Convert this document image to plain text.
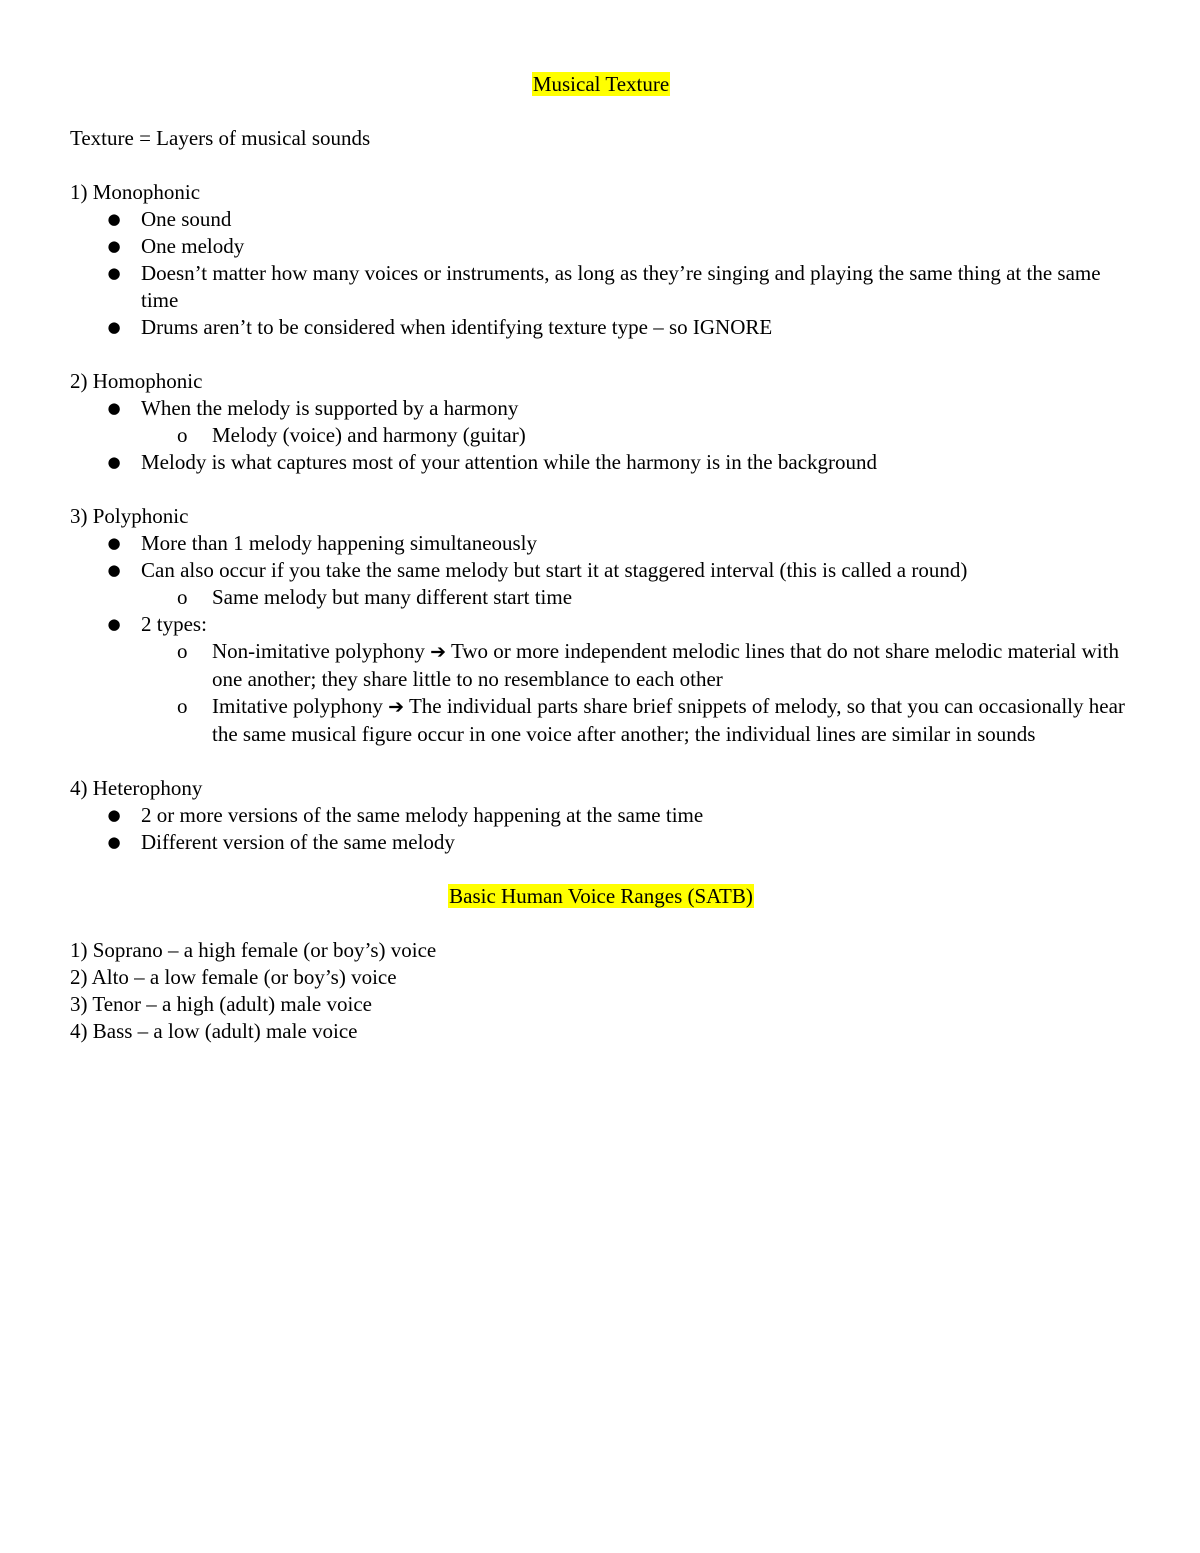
Musical Texture
Texture = Layers of musical sounds
1) Monophonic
● One sound
● One melody
● Doesn’t matter how many voices or instruments, as long as they’re singing and playing the same thing at the same time
● Drums aren’t to be considered when identifying texture type – so IGNORE
2) Homophonic
● When the melody is supported by a harmony
o Melody (voice) and harmony (guitar)
● Melody is what captures most of your attention while the harmony is in the background
3) Polyphonic
● More than 1 melody happening simultaneously
● Can also occur if you take the same melody but start it at staggered interval (this is called a round)
o Same melody but many different start time
● 2 types:
o Non-imitative polyphony ➔ Two or more independent melodic lines that do not share melodic material with one another; they share little to no resemblance to each other
o Imitative polyphony ➔ The individual parts share brief snippets of melody, so that you can occasionally hear the same musical figure occur in one voice after another; the individual lines are similar in sounds
4) Heterophony
● 2 or more versions of the same melody happening at the same time
● Different version of the same melody
Basic Human Voice Ranges (SATB)
1) Soprano – a high female (or boy’s) voice
2) Alto – a low female (or boy’s) voice
3) Tenor – a high (adult) male voice
4) Bass – a low (adult) male voice
